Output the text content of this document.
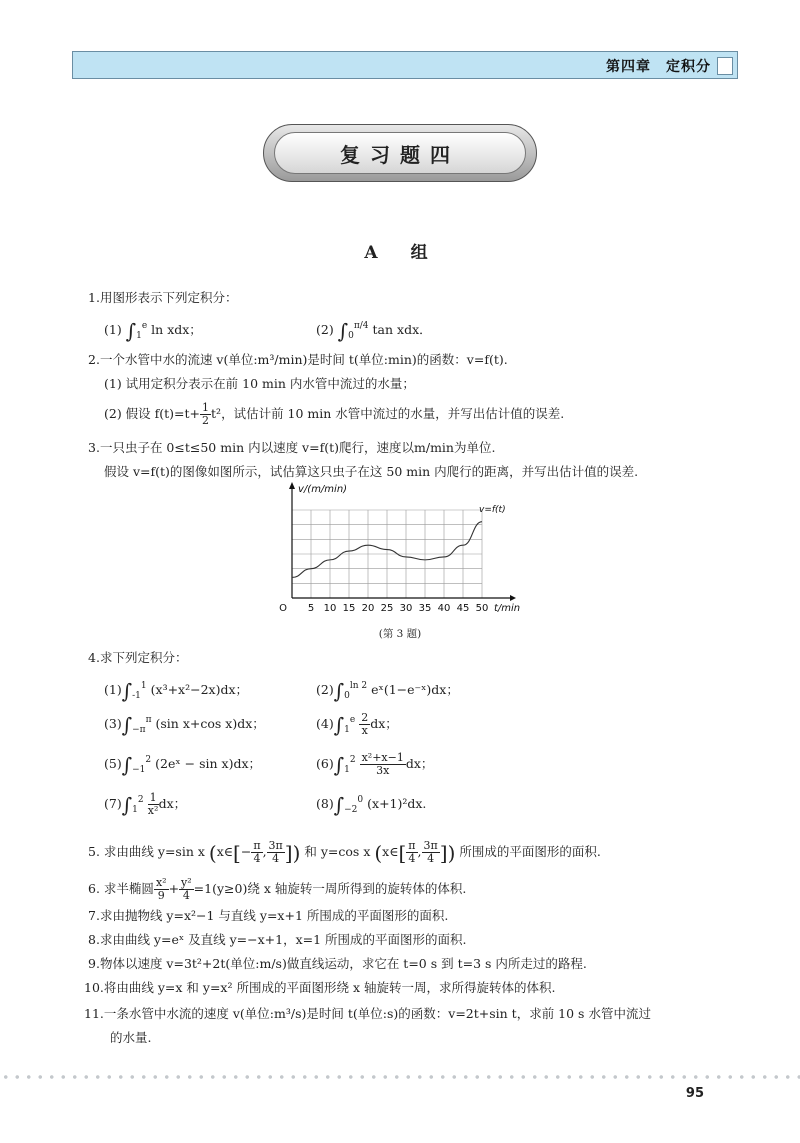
第四章　定积分
复习题四
A　组
1.用图形表示下列定积分：
(1) $\int_1^e$ ln xdx；	(2) $\int_0^{\pi/4}$ tan xdx．
2.一个水管中水的流速 v(单位:m³/min)是时间 t(单位:min)的函数：v=f(t).
(1) 试用定积分表示在前 10 min 内水管中流过的水量；
(2) 假设 $f(t)=t+ \frac{1}{2} t^2$，试估计前 10 min 水管中流过的水量，并写出估计值的误差.
3.一只虫子在 0≤t≤50 min 内以速度 v=f(t)爬行，速度以m/min为单位.
假设 v=f(t)的图像如图所示，试估算这只虫子在这 50 min 内爬行的距离，并写出估计值的误差.
5 10 15 20 25 30 35 40 45 50
O	t/min
v/(m/min)
v=f(t)
(第 3 题)
4.求下列定积分：
$(1)\int_{-1}^1$ (x³+x²−2x)dx；	$(2)\int_0^{ln 2}$ eˣ(1−e⁻ˣ)dx；
$(3)\int_{-\pi}^\pi$ (sin x+cos x)dx；	$(4)\int_1^e \frac{2}{x}$ dx；
$(5)\int_{-1}^2$ (2eˣ − sin x)dx；	$(6)\int_1^2 \frac{\text{x²+x−1}}{3x}$ dx；
$(7)\int_1^2 \frac{1}{\text{x²}}$ dx；	$(8)\int_{-2}^0$ (x+1)²dx.
5. 求由曲线 y=sin x (x∈[− $\frac{\pi}{4}$ , $\frac{3\pi}{4}$ ]) 和 y=cos x (x∈[ $\frac{\pi}{4}$ , $\frac{3\pi}{4}$ ]) 所围成的平面图形的面积.
6. 求半椭圆 $\frac{\text{x²}}{9} + \frac{\text{y²}}{4} =1(y\ge 0)$绕 x 轴旋转一周所得到的旋转体的体积.
7.求由抛物线 y=x²−1 与直线 y=x+1 所围成的平面图形的面积.
8.求由曲线 y=eˣ 及直线 y=−x+1，x=1 所围成的平面图形的面积.
9.物体以速度 v=3t²+2t(单位:m/s)做直线运动，求它在 t=0 s 到 t=3 s 内所走过的路程.
10.将由曲线 y=x 和 y=x² 所围成的平面图形绕 x 轴旋转一周，求所得旋转体的体积.
11.一条水管中水流的速度 v(单位:m³/s)是时间 t(单位:s)的函数：v=2t+sin t，求前 10 s 水管中流过
的水量.
95
